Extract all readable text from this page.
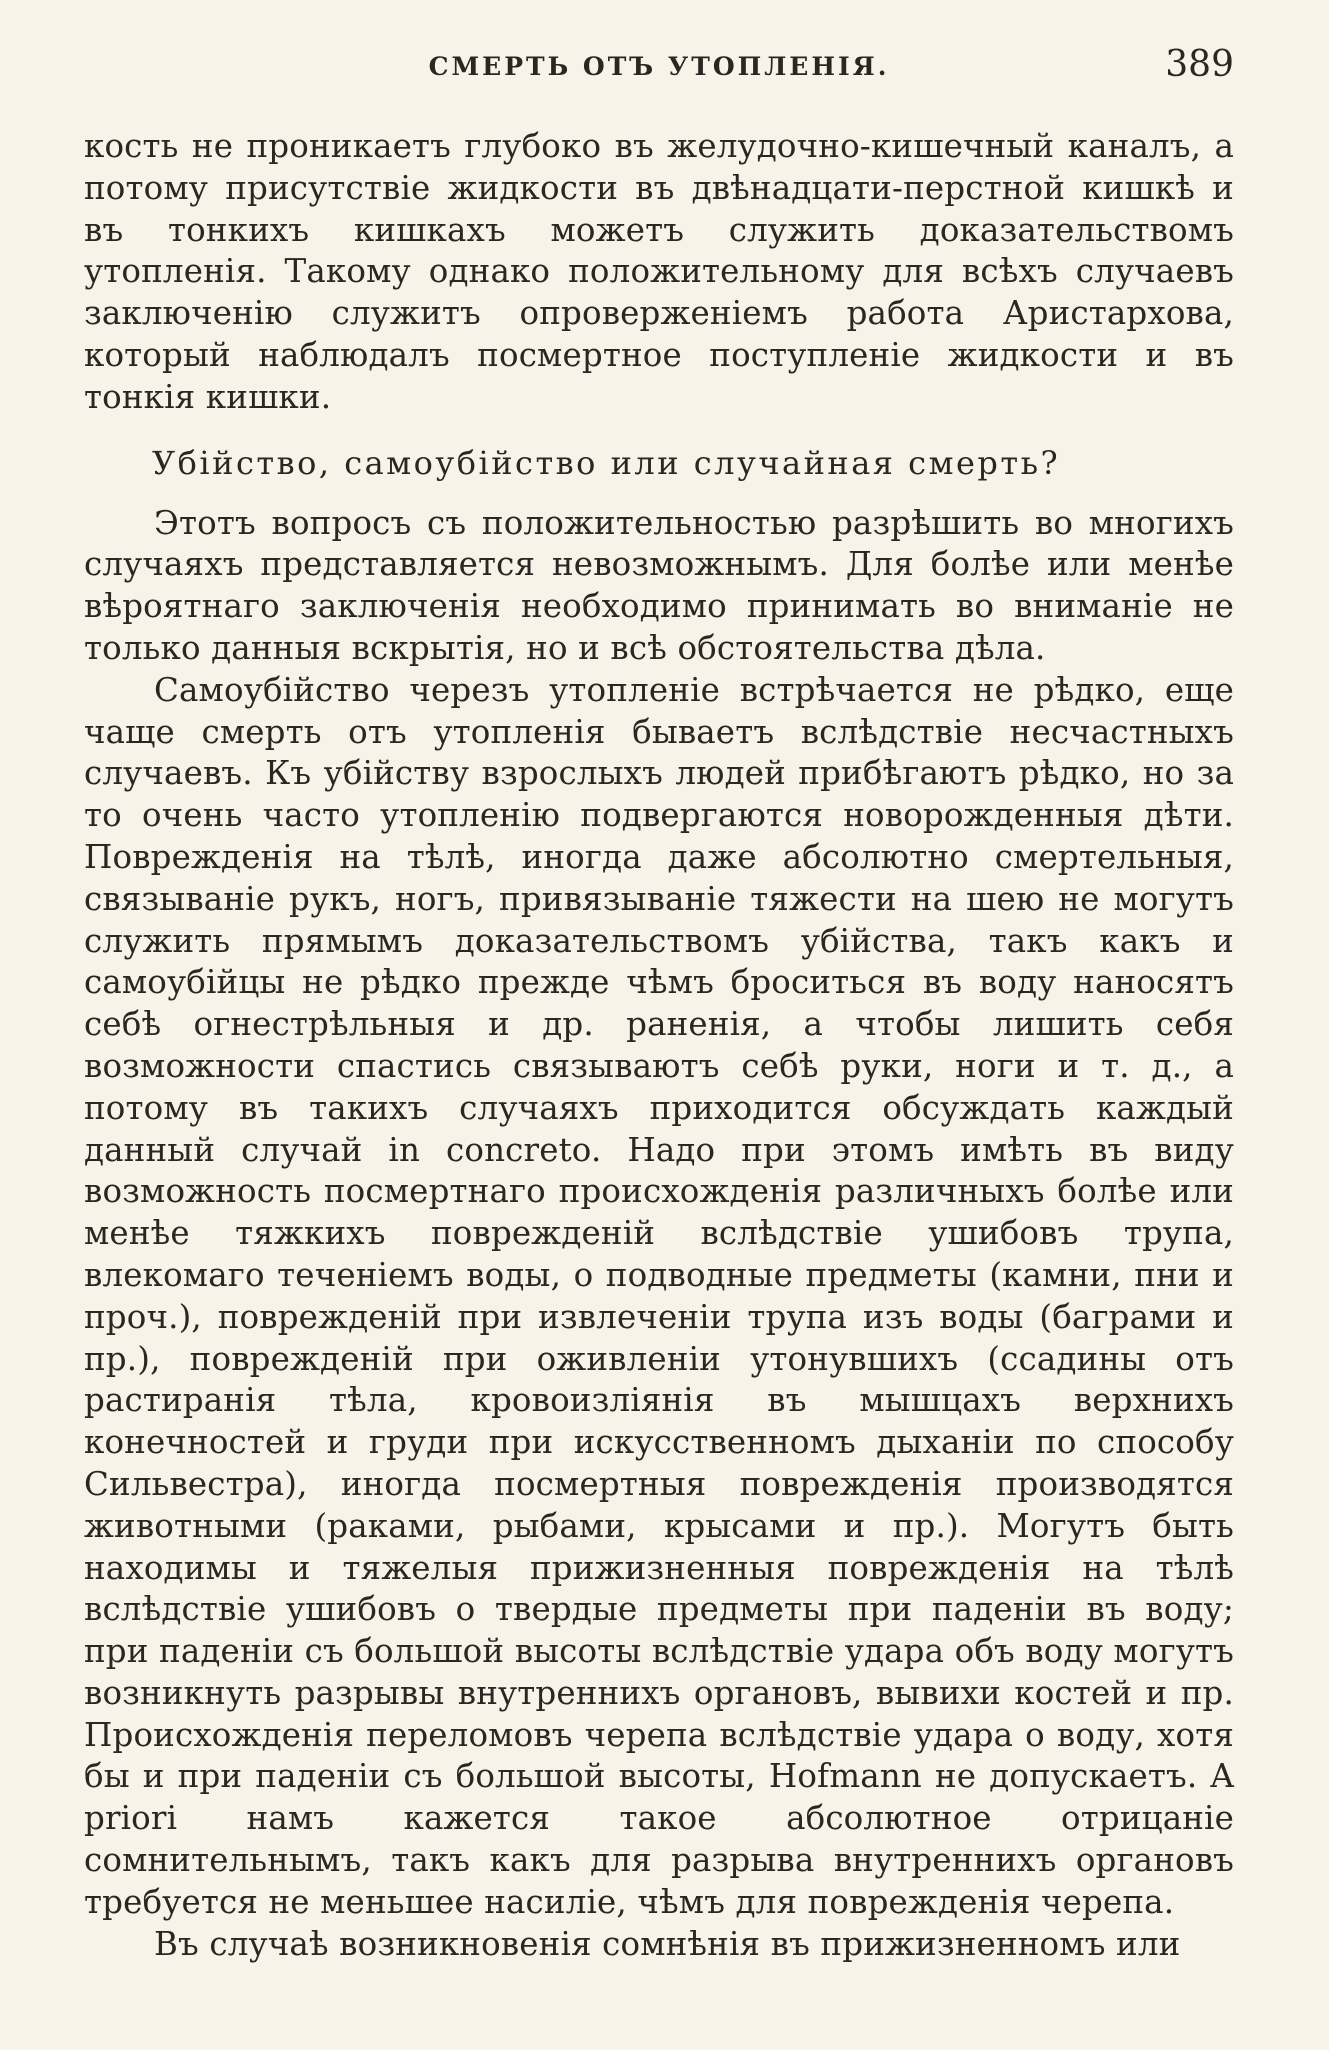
СМЕРТЬ ОТЪ УТОПЛЕНІЯ.	389

кость не проникаетъ глубоко въ желудочно-кишечный каналъ, а потому присутствіе жидкости въ двѣнадцати-перстной кишкѣ и въ тонкихъ кишкахъ можетъ служить доказательствомъ утопленія. Такому однако положительному для всѣхъ случаевъ заключенію служитъ опроверженіемъ работа Аристархова, который наблюдалъ посмертное поступленіе жидкости и въ тонкія кишки.

Убійство, самоубійство или случайная смерть?

Этотъ вопросъ съ положительностью разрѣшить во многихъ случаяхъ представляется невозможнымъ. Для болѣе или менѣе вѣроятнаго заключенія необходимо принимать во вниманіе не только данныя вскрытія, но и всѣ обстоятельства дѣла.

Самоубійство черезъ утопленіе встрѣчается не рѣдко, еще чаще смерть отъ утопленія бываетъ вслѣдствіе несчастныхъ случаевъ. Къ убійству взрослыхъ людей прибѣгаютъ рѣдко, но за то очень часто утопленію подвергаются новорожденныя дѣти. Поврежденія на тѣлѣ, иногда даже абсолютно смертельныя, связываніе рукъ, ногъ, привязываніе тяжести на шею не могутъ служить прямымъ доказательствомъ убійства, такъ какъ и самоубійцы не рѣдко прежде чѣмъ броситься въ воду наносятъ себѣ огнестрѣльныя и др. раненія, а чтобы лишить себя возможности спастись связываютъ себѣ руки, ноги и т. д., а потому въ такихъ случаяхъ приходится обсуждать каждый данный случай in concreto. Надо при этомъ имѣть въ виду возможность посмертнаго происхожденія различныхъ болѣе или менѣе тяжкихъ поврежденій вслѣдствіе ушибовъ трупа, влекомаго теченіемъ воды, о подводные предметы (камни, пни и проч.), поврежденій при извлеченіи трупа изъ воды (баграми и пр.), поврежденій при оживленіи утонувшихъ (ссадины отъ растиранія тѣла, кровоизліянія въ мышцахъ верхнихъ конечностей и груди при искусственномъ дыханіи по способу Сильвестра), иногда посмертныя поврежденія производятся животными (раками, рыбами, крысами и пр.). Могутъ быть находимы и тяжелыя прижизненныя поврежденія на тѣлѣ вслѣдствіе ушибовъ о твердые предметы при паденіи въ воду; при паденіи съ большой высоты вслѣдствіе удара объ воду могутъ возникнуть разрывы внутреннихъ органовъ, вывихи костей и пр. Происхожденія переломовъ черепа вслѣдствіе удара о воду, хотя бы и при паденіи съ большой высоты, Hofmann не допускаетъ. A priori намъ кажется такое абсолютное отрицаніе сомнительнымъ, такъ какъ для разрыва внутреннихъ органовъ требуется не меньшее насиліе, чѣмъ для поврежденія черепа.

Въ случаѣ возникновенія сомнѣнія въ прижизненномъ или
